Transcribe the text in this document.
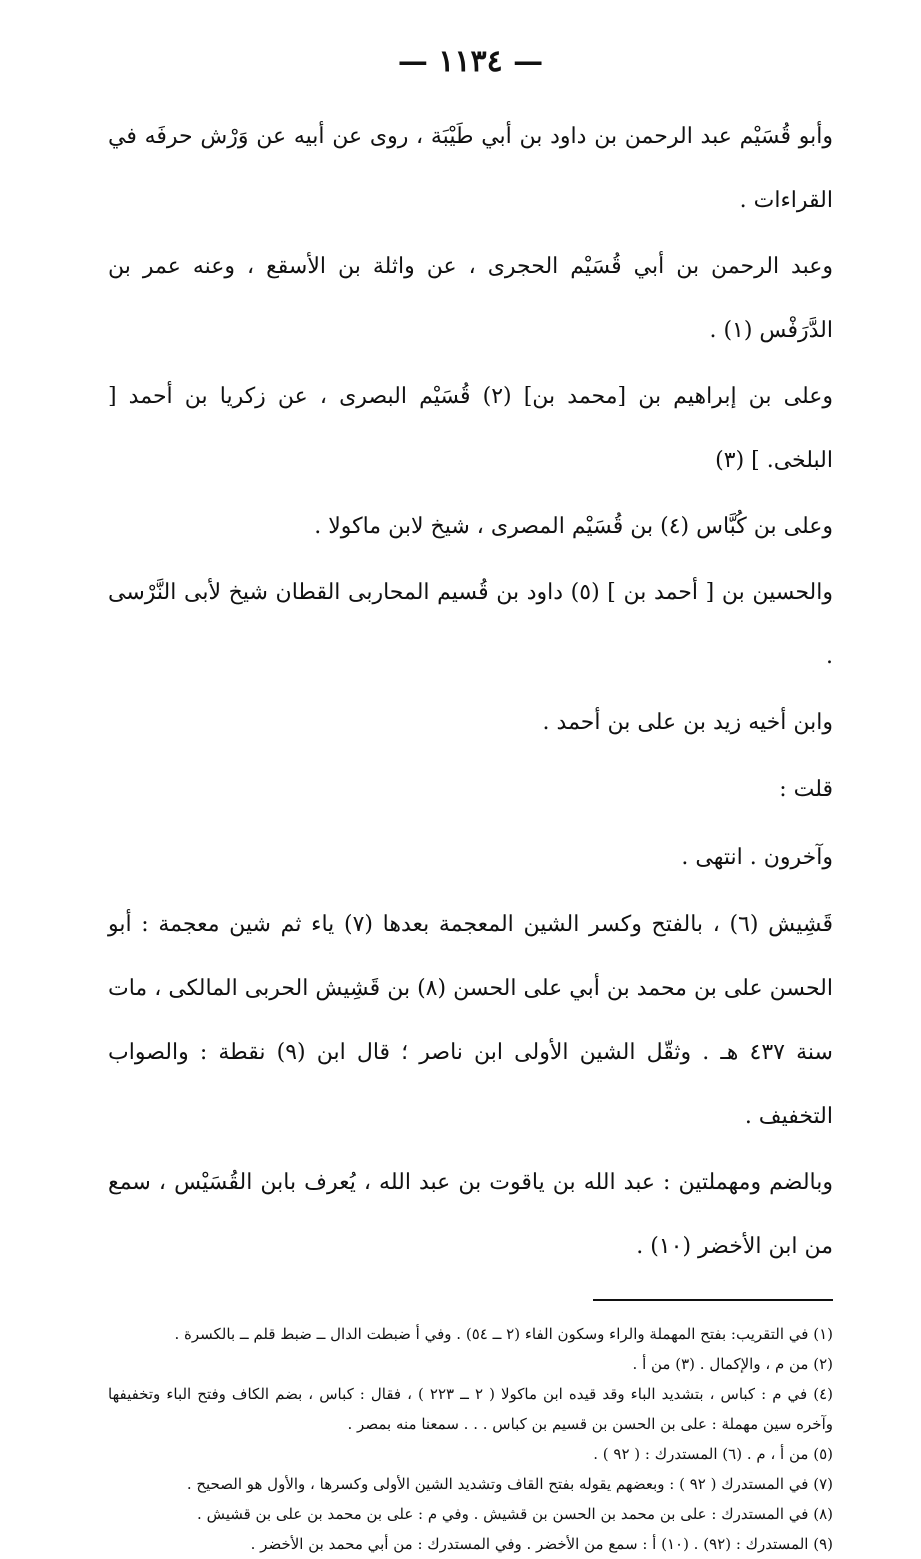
— ١١٣٤ —

وأبو قُسَيْم عبد الرحمن بن داود بن أبي طَيْبَة ، روى عن أبيه عن وَرْش حرفَه في القراءات .

وعبد الرحمن بن أبي قُسَيْم الحجرى ، عن واثلة بن الأسقع ، وعنه عمر بن الدَّرَفْس (١) .

وعلى بن إبراهيم بن [محمد بن] (٢) قُسَيْم البصرى ، عن زكريا بن أحمد [ البلخى. ] (٣)

وعلى بن كُبَّاس (٤) بن قُسَيْم المصرى ، شيخ لابن ماكولا .

والحسين بن [ أحمد بن ] (٥) داود بن قُسيم المحاربى القطان شيخ لأبى النَّرْسى .

وابن أخيه زيد بن على بن أحمد .

قلت :

وآخرون . انتهى .

قَشِيش (٦) ، بالفتح وكسر الشين المعجمة بعدها (٧) ياء ثم شين معجمة : أبو الحسن على بن محمد بن أبي على الحسن (٨) بن قَشِيش الحربى المالكى ، مات سنة ٤٣٧ هـ . وثقّل الشين الأولى ابن ناصر ؛ قال ابن (٩) نقطة : والصواب التخفيف .

وبالضم ومهملتين : عبد الله بن ياقوت بن عبد الله ، يُعرف بابن القُسَيْس ، سمع من ابن الأخضر (١٠) .

(١) في التقريب: بفتح المهملة والراء وسكون الفاء (٢ ــ ٥٤) . وفي أ ضبطت الدال ــ ضبط قلم ــ بالكسرة .

(٢) من م ، والإكمال . (٣) من أ .

(٤) في م : كباس ، بتشديد الباء وقد قيده ابن ماكولا ( ٢ ــ ٢٢٣ ) ، فقال : كباس ، بضم الكاف وفتح الباء وتخفيفها وآخره سين مهملة : على بن الحسن بن قسيم بن كباس . . . سمعنا منه بمصر .

(٥) من أ ، م . (٦) المستدرك : ( ٩٢ ) .

(٧) في المستدرك ( ٩٢ ) : وبعضهم يقوله بفتح القاف وتشديد الشين الأولى وكسرها ، والأول هو الصحيح .

(٨) في المستدرك : على بن محمد بن الحسن بن قشيش . وفي م : على بن محمد بن على بن قشيش .

(٩) المستدرك : (٩٢) . (١٠) أ : سمع من الأخضر . وفي المستدرك : من أبي محمد بن الأخضر .
